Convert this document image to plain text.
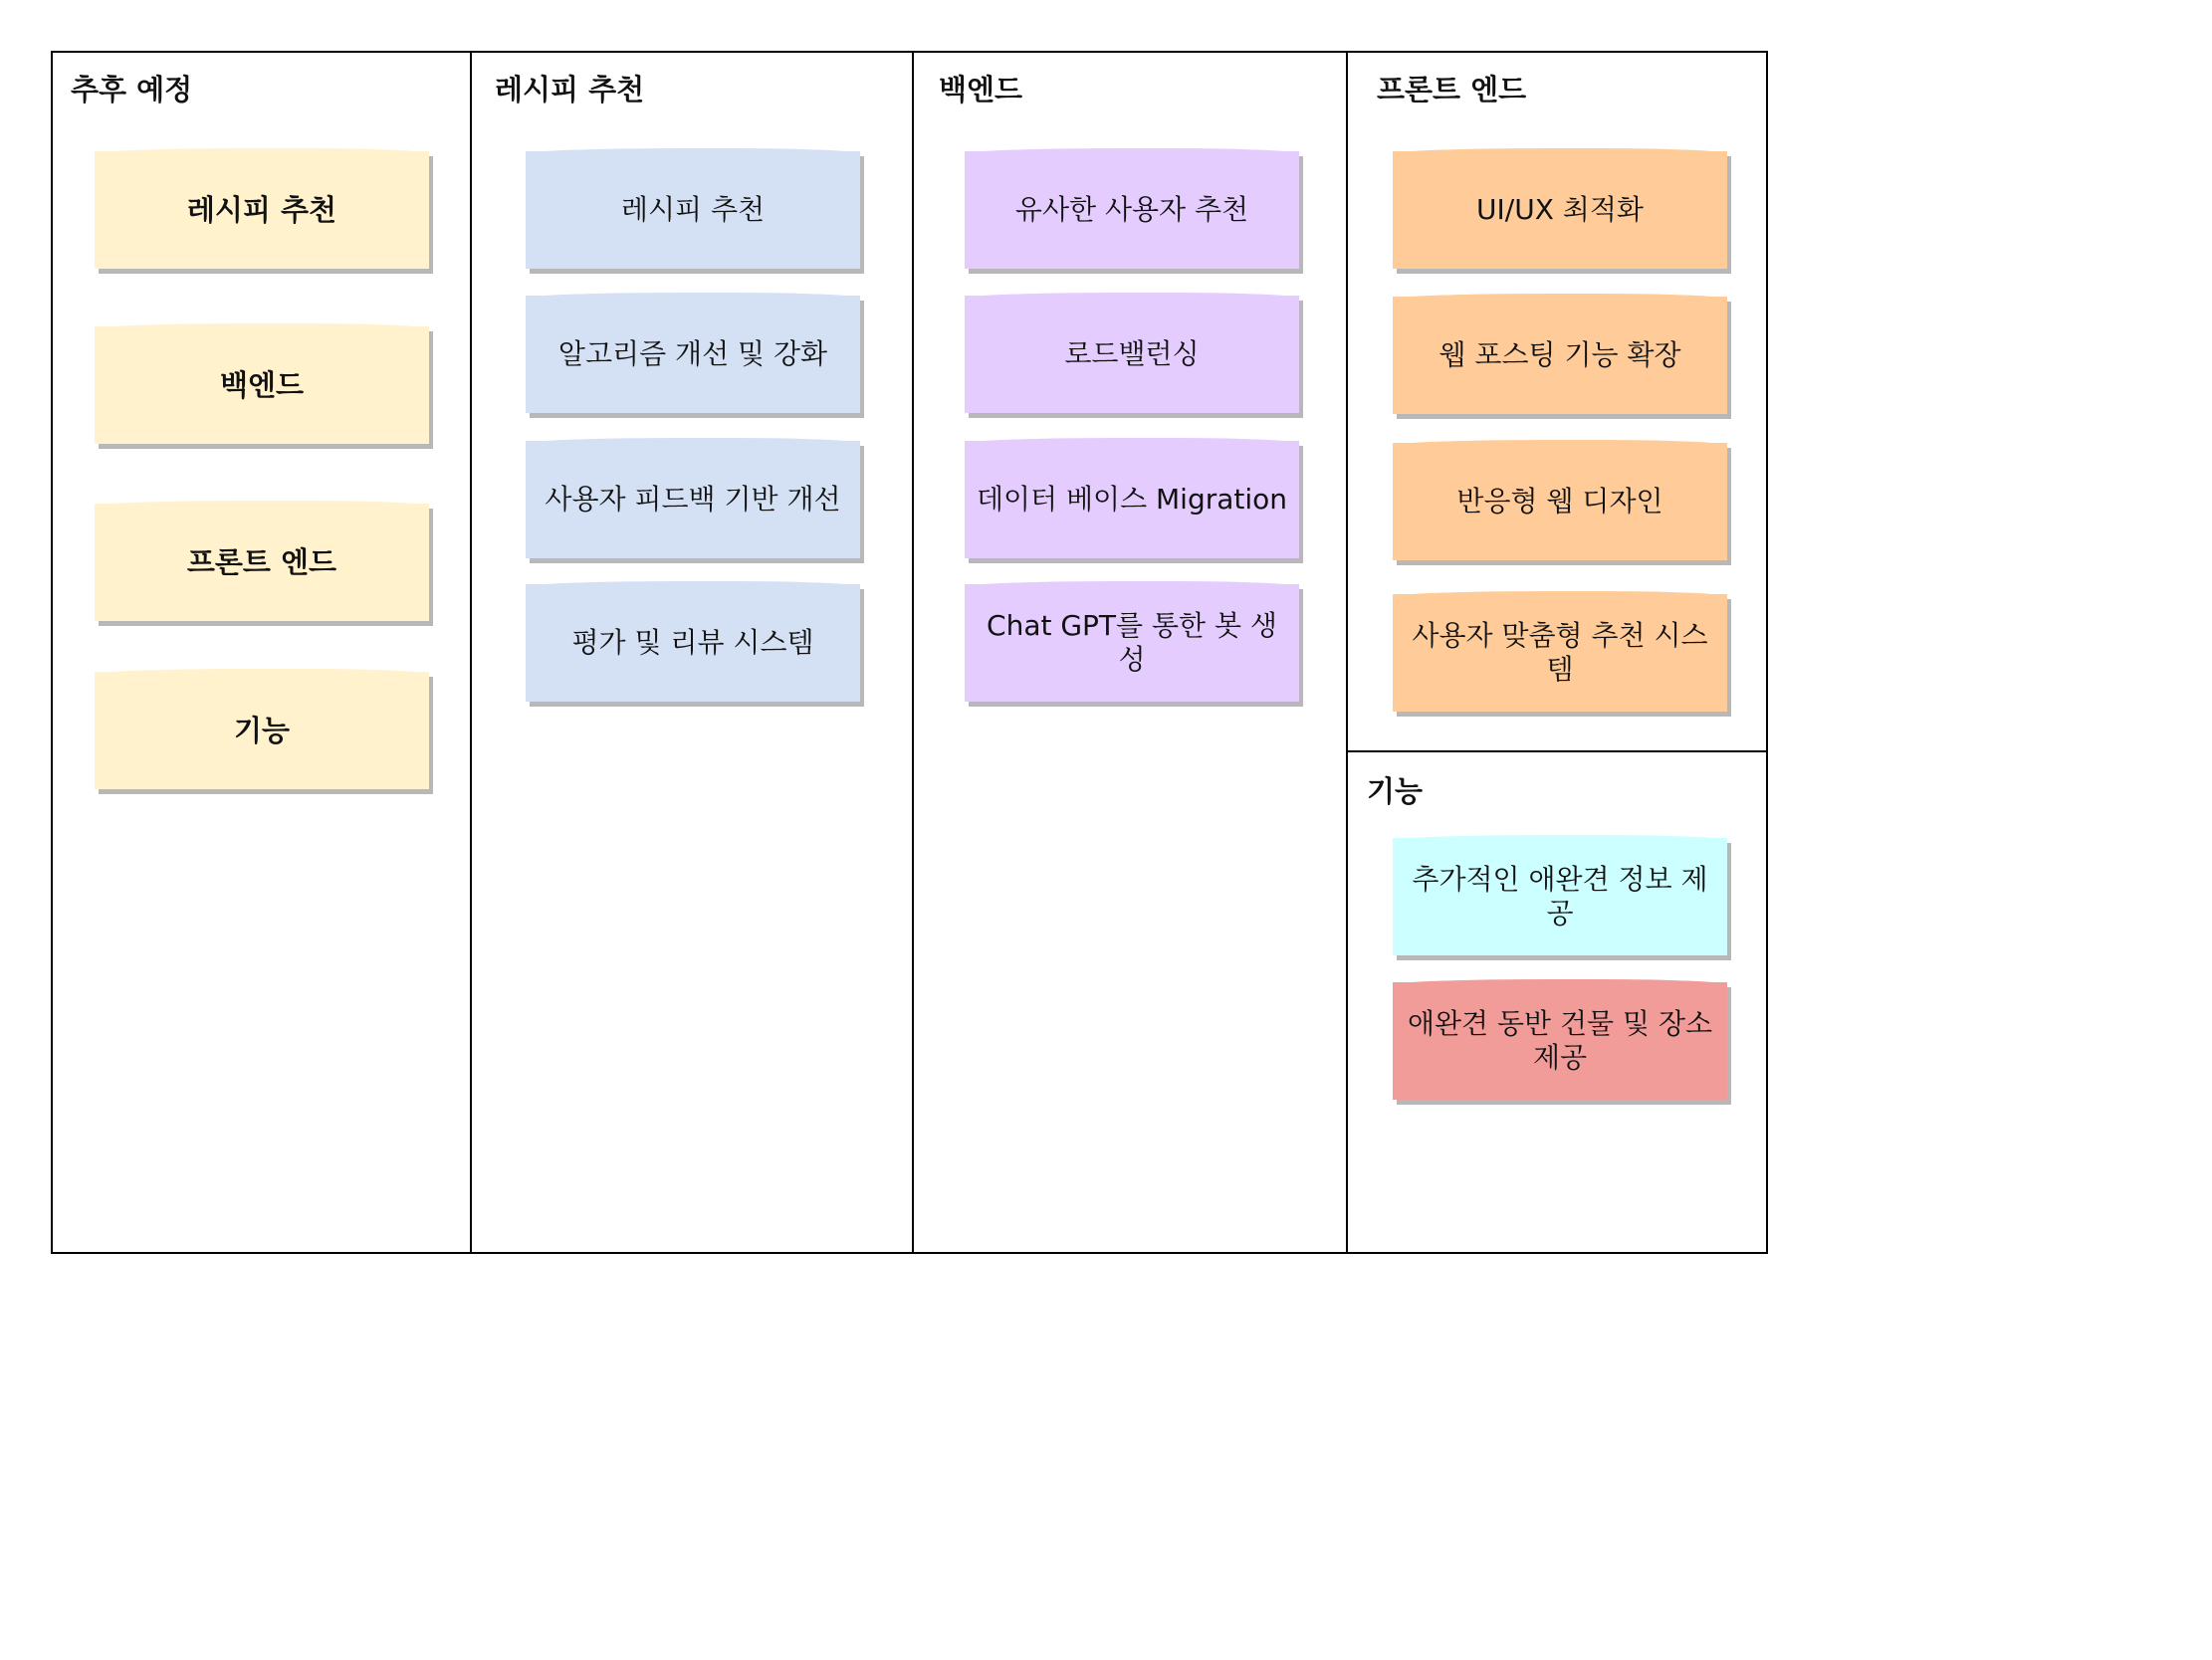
추후 예정	레시피 추천	백엔드	프론트 엔드
기능
레시피 추천
백엔드
프론트 엔드
기능
레시피 추천
알고리즘 개선 및 강화
사용자 피드백 기반 개선
평가 및 리뷰 시스템
유사한 사용자 추천
로드밸런싱
데이터 베이스 Migration
Chat GPT를 통한 봇 생성
UI/UX 최적화
웹 포스팅 기능 확장
반응형 웹 디자인
사용자 맞춤형 추천 시스템
추가적인 애완견 정보 제공
애완견 동반 건물 및 장소 제공
